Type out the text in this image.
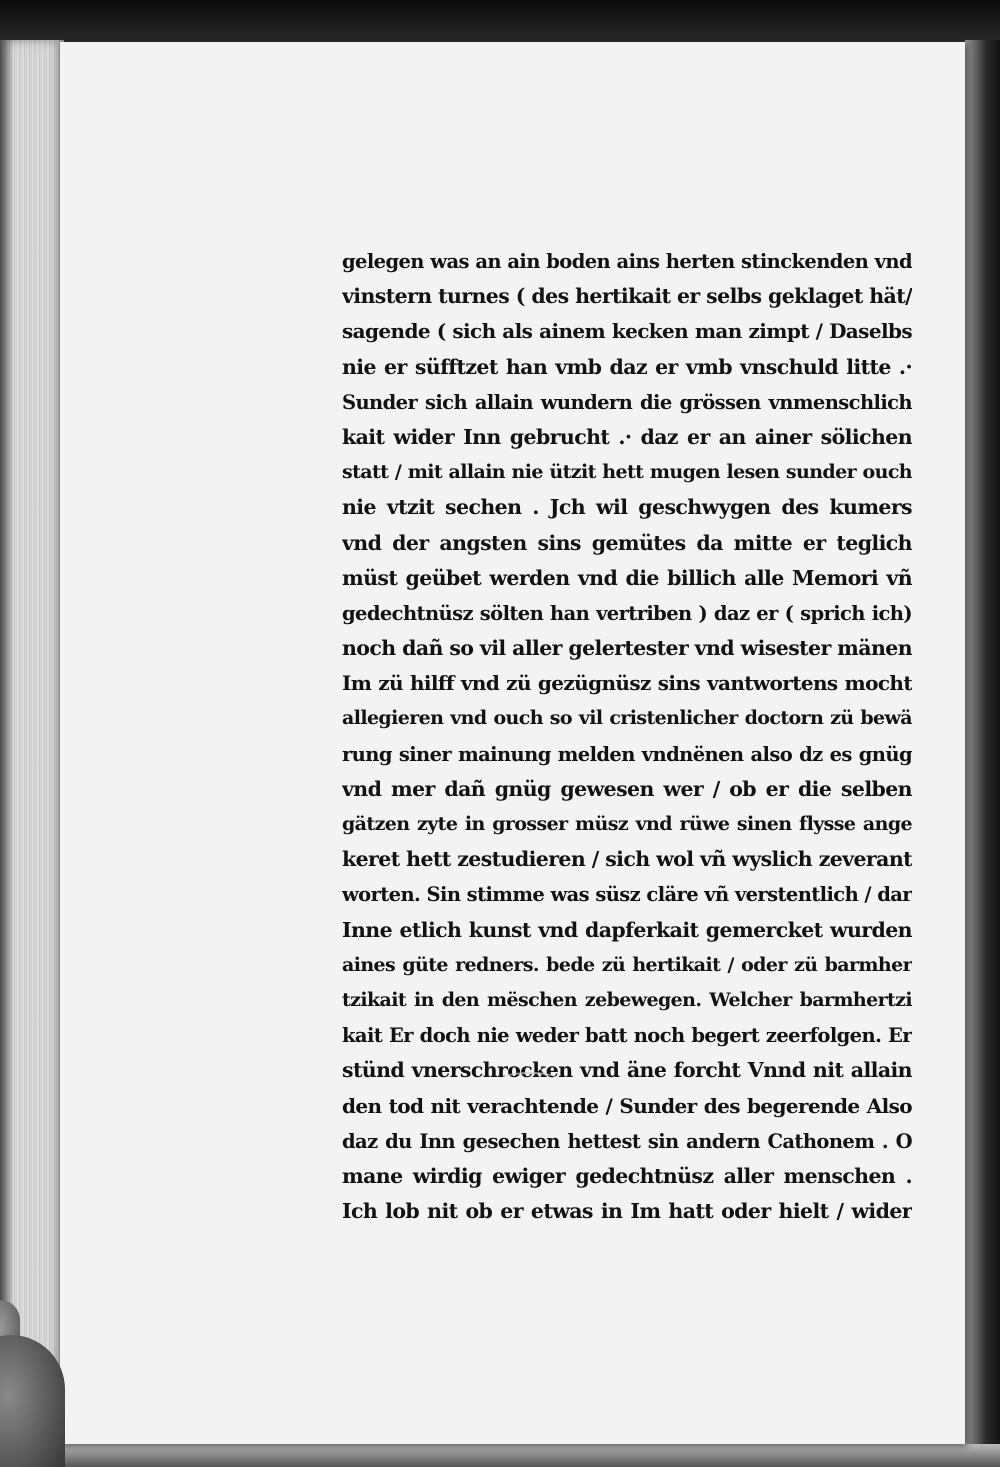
gelegen was an ain boden ains herten stinckenden vnd
vinstern turnes ( des hertikait er selbs geklaget hät/
sagende ( sich als ainem kecken man zimpt / Daselbs
nie er süfftzet han vmb daz er vmb vnschuld litte .·
Sunder sich allain wundern die grössen vnmenschlich
kait wider Inn gebrucht .· daz er an ainer sölichen
statt / mit allain nie ützit hett mugen lesen sunder ouch
nie vtzit sechen . Jch wil geschwygen des kumers
vnd der angsten sins gemütes da mitte er teglich
müst geübet werden vnd die billich alle Memori vñ
gedechtnüsz sölten han vertriben ) daz er ( sprich ich)
noch dañ so vil aller gelertester vnd wisester mänen
Im zü hilff vnd zü gezügnüsz sins vantwortens mocht
allegieren vnd ouch so vil cristenlicher doctorn zü bewä
rung siner mainung melden vndnënen also dz es gnüg
vnd mer dañ gnüg gewesen wer / ob er die selben
gätzen zyte in grosser müsz vnd rüwe sinen flysse ange
keret hett zestudieren / sich wol vñ wyslich zeverant
worten. Sin stimme was süsz cläre vñ verstentlich / dar
Inne etlich kunst vnd dapferkait gemercket wurden
aines güte redners. bede zü hertikait / oder zü barmher
tzikait in den mëschen zebewegen. Welcher barmhertzi
kait Er doch nie weder batt noch begert zeerfolgen. Er
stünd vnerschrocken vnd äne forcht Vnnd nit allain
den tod nit verachtende / Sunder des begerende Also
daz du Inn gesechen hettest sin andern Cathonem . O
mane wirdig ewiger gedechtnüsz aller menschen .
Ich lob nit ob er etwas in Im hatt oder hielt / wider
